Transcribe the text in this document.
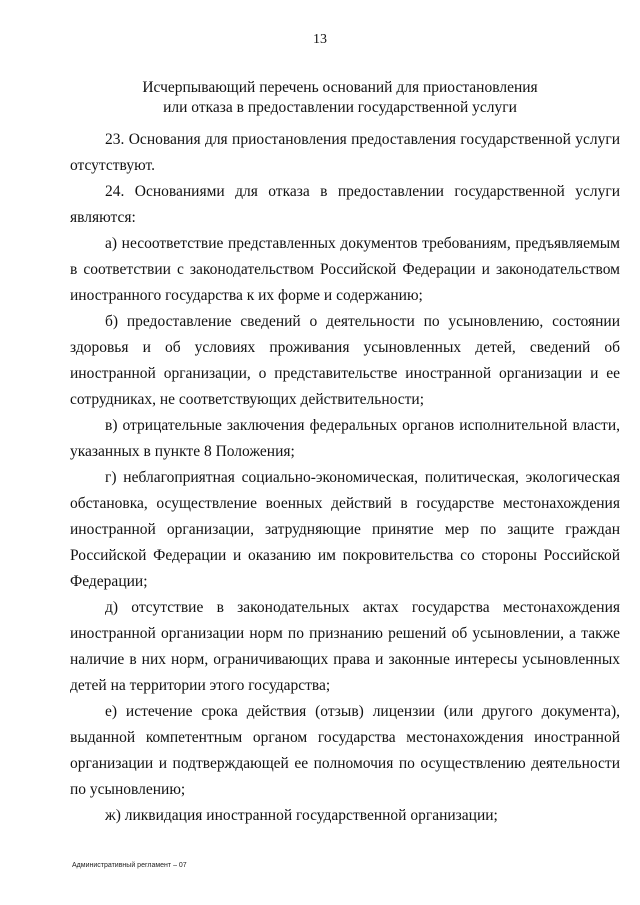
13
Исчерпывающий перечень оснований для приостановления
или отказа в предоставлении государственной услуги
23. Основания для приостановления предоставления государственной услуги отсутствуют.
24. Основаниями для отказа в предоставлении государственной услуги являются:
а) несоответствие представленных документов требованиям, предъявляемым в соответствии с законодательством Российской Федерации и законодательством иностранного государства к их форме и содержанию;
б) предоставление сведений о деятельности по усыновлению, состоянии здоровья и об условиях проживания усыновленных детей, сведений об иностранной организации, о представительстве иностранной организации и ее сотрудниках, не соответствующих действительности;
в) отрицательные заключения федеральных органов исполнительной власти, указанных в пункте 8 Положения;
г) неблагоприятная социально-экономическая, политическая, экологическая обстановка, осуществление военных действий в государстве местонахождения иностранной организации, затрудняющие принятие мер по защите граждан Российской Федерации и оказанию им покровительства со стороны Российской Федерации;
д) отсутствие в законодательных актах государства местонахождения иностранной организации норм по признанию решений об усыновлении, а также наличие в них норм, ограничивающих права и законные интересы усыновленных детей на территории этого государства;
е) истечение срока действия (отзыв) лицензии (или другого документа), выданной компетентным органом государства местонахождения иностранной организации и подтверждающей ее полномочия по осуществлению деятельности по усыновлению;
ж) ликвидация иностранной государственной организации;
Административный регламент – 07
